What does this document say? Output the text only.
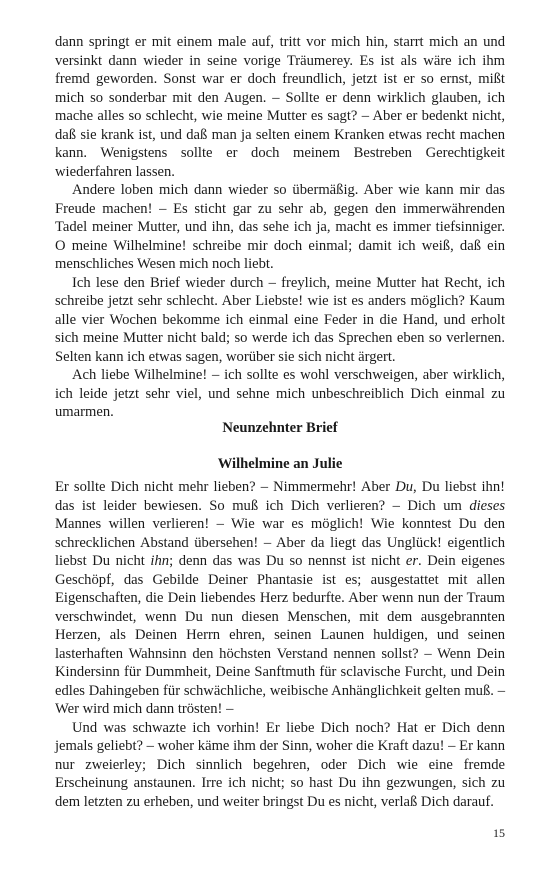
dann springt er mit einem male auf, tritt vor mich hin, starrt mich an und versinkt dann wieder in seine vorige Träumerey. Es ist als wäre ich ihm fremd geworden. Sonst war er doch freundlich, jetzt ist er so ernst, mißt mich so sonderbar mit den Augen. – Sollte er denn wirklich glauben, ich mache alles so schlecht, wie meine Mutter es sagt? – Aber er bedenkt nicht, daß sie krank ist, und daß man ja selten einem Kranken etwas recht machen kann. Wenigstens sollte er doch meinem Bestreben Gerechtigkeit wiederfahren lassen.

Andere loben mich dann wieder so übermäßig. Aber wie kann mir das Freude machen! – Es sticht gar zu sehr ab, gegen den immerwährenden Tadel meiner Mutter, und ihn, das sehe ich ja, macht es immer tiefsinniger. O meine Wilhelmine! schreibe mir doch einmal; damit ich weiß, daß ein menschliches Wesen mich noch liebt.

Ich lese den Brief wieder durch – freylich, meine Mutter hat Recht, ich schreibe jetzt sehr schlecht. Aber Liebste! wie ist es anders möglich? Kaum alle vier Wochen bekomme ich einmal eine Feder in die Hand, und erholt sich meine Mutter nicht bald; so werde ich das Sprechen eben so verlernen. Selten kann ich etwas sagen, worüber sie sich nicht ärgert.

Ach liebe Wilhelmine! – ich sollte es wohl verschweigen, aber wirklich, ich leide jetzt sehr viel, und sehne mich unbeschreiblich Dich einmal zu umarmen.

Neunzehnter Brief
Wilhelmine an Julie

Er sollte Dich nicht mehr lieben? – Nimmermehr! Aber Du, Du liebst ihn! das ist leider bewiesen. So muß ich Dich verlieren? – Dich um dieses Mannes willen verlieren! – Wie war es möglich! Wie konntest Du den schrecklichen Abstand übersehen! – Aber da liegt das Unglück! eigentlich liebst Du nicht ihn; denn das was Du so nennst ist nicht er. Dein eigenes Geschöpf, das Gebilde Deiner Phantasie ist es; ausgestattet mit allen Eigenschaften, die Dein liebendes Herz bedurfte. Aber wenn nun der Traum verschwindet, wenn Du nun diesen Menschen, mit dem ausgebrannten Herzen, als Deinen Herrn ehren, seinen Launen huldigen, und seinen lasterhaften Wahnsinn den höchsten Verstand nennen sollst? – Wenn Dein Kindersinn für Dummheit, Deine Sanftmuth für sclavische Furcht, und Dein edles Dahingeben für schwächliche, weibische Anhänglichkeit gelten muß. – Wer wird mich dann trösten! –

Und was schwazte ich vorhin! Er liebe Dich noch? Hat er Dich denn jemals geliebt? – woher käme ihm der Sinn, woher die Kraft dazu! – Er kann nur zweierley; Dich sinnlich begehren, oder Dich wie eine fremde Erscheinung anstaunen. Irre ich nicht; so hast Du ihn gezwungen, sich zu dem letzten zu erheben, und weiter bringst Du es nicht, verlaß Dich darauf.

15
